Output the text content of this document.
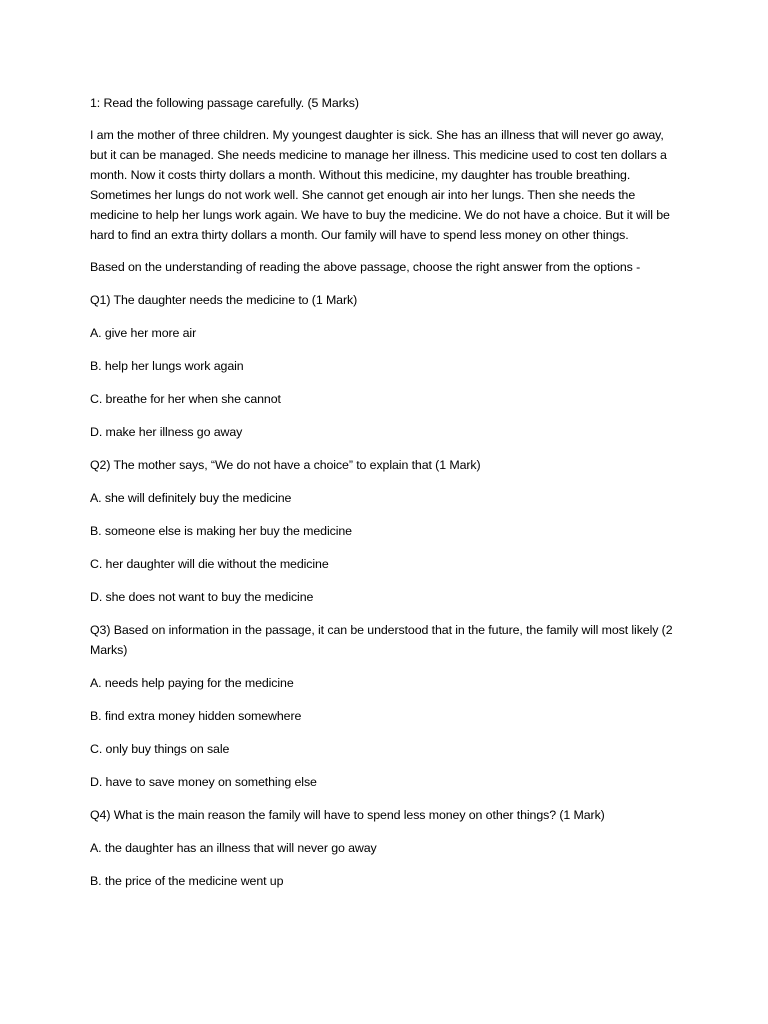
1: Read the following passage carefully. (5 Marks)

I am the mother of three children. My youngest daughter is sick. She has an illness that will never go away, but it can be managed. She needs medicine to manage her illness. This medicine used to cost ten dollars a month. Now it costs thirty dollars a month. Without this medicine, my daughter has trouble breathing. Sometimes her lungs do not work well. She cannot get enough air into her lungs. Then she needs the medicine to help her lungs work again. We have to buy the medicine. We do not have a choice. But it will be hard to find an extra thirty dollars a month. Our family will have to spend less money on other things.

Based on the understanding of reading the above passage, choose the right answer from the options -

Q1) The daughter needs the medicine to (1 Mark)

A. give her more air

B. help her lungs work again

C. breathe for her when she cannot

D. make her illness go away

Q2) The mother says, “We do not have a choice” to explain that (1 Mark)

A. she will definitely buy the medicine

B. someone else is making her buy the medicine

C. her daughter will die without the medicine

D. she does not want to buy the medicine

Q3) Based on information in the passage, it can be understood that in the future, the family will most likely (2 Marks)

A. needs help paying for the medicine

B. find extra money hidden somewhere

C. only buy things on sale

D. have to save money on something else

Q4) What is the main reason the family will have to spend less money on other things? (1 Mark)

A. the daughter has an illness that will never go away

B. the price of the medicine went up
